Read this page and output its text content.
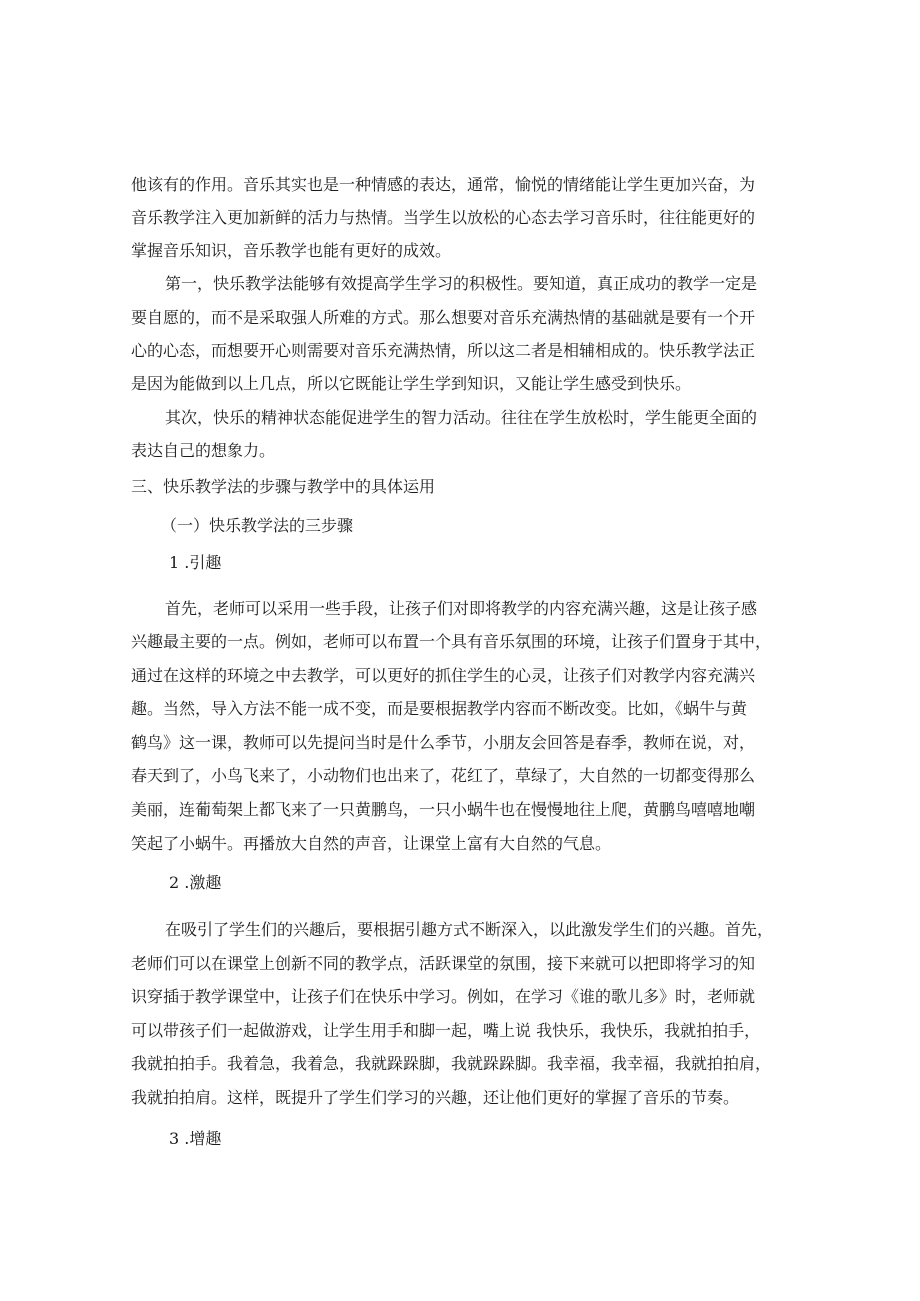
他该有的作用。音乐其实也是一种情感的表达，通常，愉悦的情绪能让学生更加兴奋，为
音乐教学注入更加新鲜的活力与热情。当学生以放松的心态去学习音乐时，往往能更好的
掌握音乐知识，音乐教学也能有更好的成效。
第一，快乐教学法能够有效提高学生学习的积极性。要知道，真正成功的教学一定是
要自愿的，而不是采取强人所难的方式。那么想要对音乐充满热情的基础就是要有一个开
心的心态，而想要开心则需要对音乐充满热情，所以这二者是相辅相成的。快乐教学法正
是因为能做到以上几点，所以它既能让学生学到知识，又能让学生感受到快乐。
其次，快乐的精神状态能促进学生的智力活动。往往在学生放松时，学生能更全面的
表达自己的想象力。
三、快乐教学法的步骤与教学中的具体运用
（一）快乐教学法的三步骤
1 .引趣
首先，老师可以采用一些手段，让孩子们对即将教学的内容充满兴趣，这是让孩子感
兴趣最主要的一点。例如，老师可以布置一个具有音乐氛围的环境，让孩子们置身于其中，
通过在这样的环境之中去教学，可以更好的抓住学生的心灵，让孩子们对教学内容充满兴
趣。当然，导入方法不能一成不变，而是要根据教学内容而不断改变。比如，《蜗牛与黄
鹤鸟》这一课，教师可以先提问当时是什么季节，小朋友会回答是春季，教师在说，对，
春天到了，小鸟飞来了，小动物们也出来了，花红了，草绿了，大自然的一切都变得那么
美丽，连葡萄架上都飞来了一只黄鹏鸟，一只小蜗牛也在慢慢地往上爬，黄鹏鸟嘻嘻地嘲
笑起了小蜗牛。再播放大自然的声音，让课堂上富有大自然的气息。
2 .激趣
在吸引了学生们的兴趣后，要根据引趣方式不断深入，以此激发学生们的兴趣。首先，
老师们可以在课堂上创新不同的教学点，活跃课堂的氛围，接下来就可以把即将学习的知
识穿插于教学课堂中，让孩子们在快乐中学习。例如，在学习《谁的歌儿多》时，老师就
可以带孩子们一起做游戏，让学生用手和脚一起，嘴上说 我快乐，我快乐，我就拍拍手，
我就拍拍手。我着急，我着急，我就跺跺脚，我就跺跺脚。我幸福，我幸福，我就拍拍肩，
我就拍拍肩。这样，既提升了学生们学习的兴趣，还让他们更好的掌握了音乐的节奏。
3 .增趣
